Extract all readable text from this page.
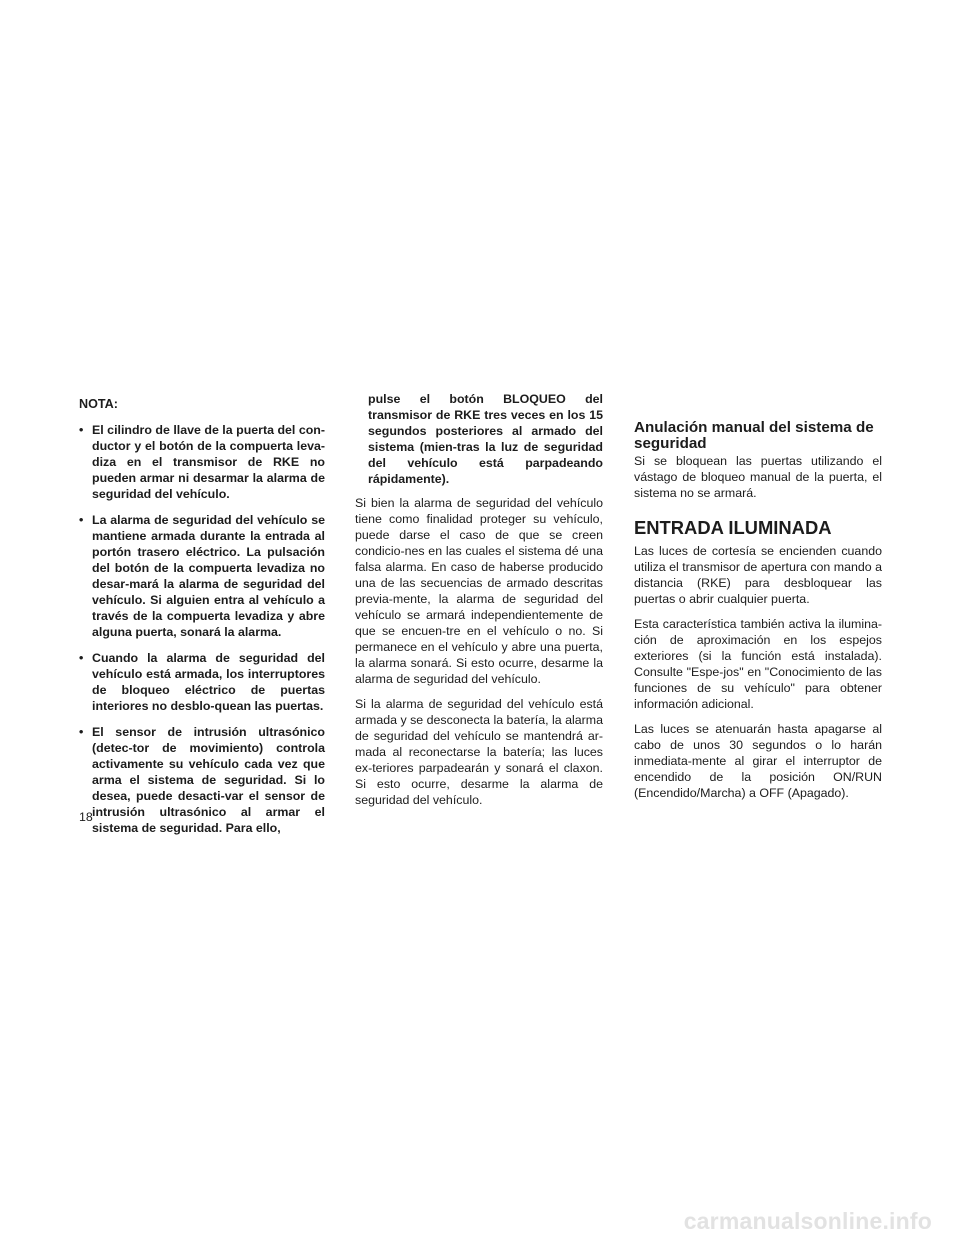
NOTA:

• El cilindro de llave de la puerta del con-ductor y el botón de la compuerta leva-diza en el transmisor de RKE no pueden armar ni desarmar la alarma de seguridad del vehículo.
• La alarma de seguridad del vehículo se mantiene armada durante la entrada al portón trasero eléctrico. La pulsación del botón de la compuerta levadiza no desar-mará la alarma de seguridad del vehículo. Si alguien entra al vehículo a través de la compuerta levadiza y abre alguna puerta, sonará la alarma.
• Cuando la alarma de seguridad del vehículo está armada, los interruptores de bloqueo eléctrico de puertas interiores no desblo-quean las puertas.
• El sensor de intrusión ultrasónico (detec-tor de movimiento) controla activamente su vehículo cada vez que arma el sistema de seguridad. Si lo desea, puede desacti-var el sensor de intrusión ultrasónico al armar el sistema de seguridad. Para ello,

pulse el botón BLOQUEO del transmisor de RKE tres veces en los 15 segundos posteriores al armado del sistema (mien-tras la luz de seguridad del vehículo está parpadeando rápidamente).

Si bien la alarma de seguridad del vehículo tiene como finalidad proteger su vehículo, puede darse el caso de que se creen condicio-nes en las cuales el sistema dé una falsa alarma. En caso de haberse producido una de las secuencias de armado descritas previa-mente, la alarma de seguridad del vehículo se armará independientemente de que se encuen-tre en el vehículo o no. Si permanece en el vehículo y abre una puerta, la alarma sonará. Si esto ocurre, desarme la alarma de seguridad del vehículo.

Si la alarma de seguridad del vehículo está armada y se desconecta la batería, la alarma de seguridad del vehículo se mantendrá ar-mada al reconectarse la batería; las luces ex-teriores parpadearán y sonará el claxon. Si esto ocurre, desarme la alarma de seguridad del vehículo.

Anulación manual del sistema de seguridad

Si se bloquean las puertas utilizando el vástago de bloqueo manual de la puerta, el sistema no se armará.

ENTRADA ILUMINADA

Las luces de cortesía se encienden cuando utiliza el transmisor de apertura con mando a distancia (RKE) para desbloquear las puertas o abrir cualquier puerta.

Esta característica también activa la ilumina-ción de aproximación en los espejos exteriores (si la función está instalada). Consulte "Espe-jos" en "Conocimiento de las funciones de su vehículo" para obtener información adicional.

Las luces se atenuarán hasta apagarse al cabo de unos 30 segundos o lo harán inmediata-mente al girar el interruptor de encendido de la posición ON/RUN (Encendido/Marcha) a OFF (Apagado).

18
carmanualsonline.info
